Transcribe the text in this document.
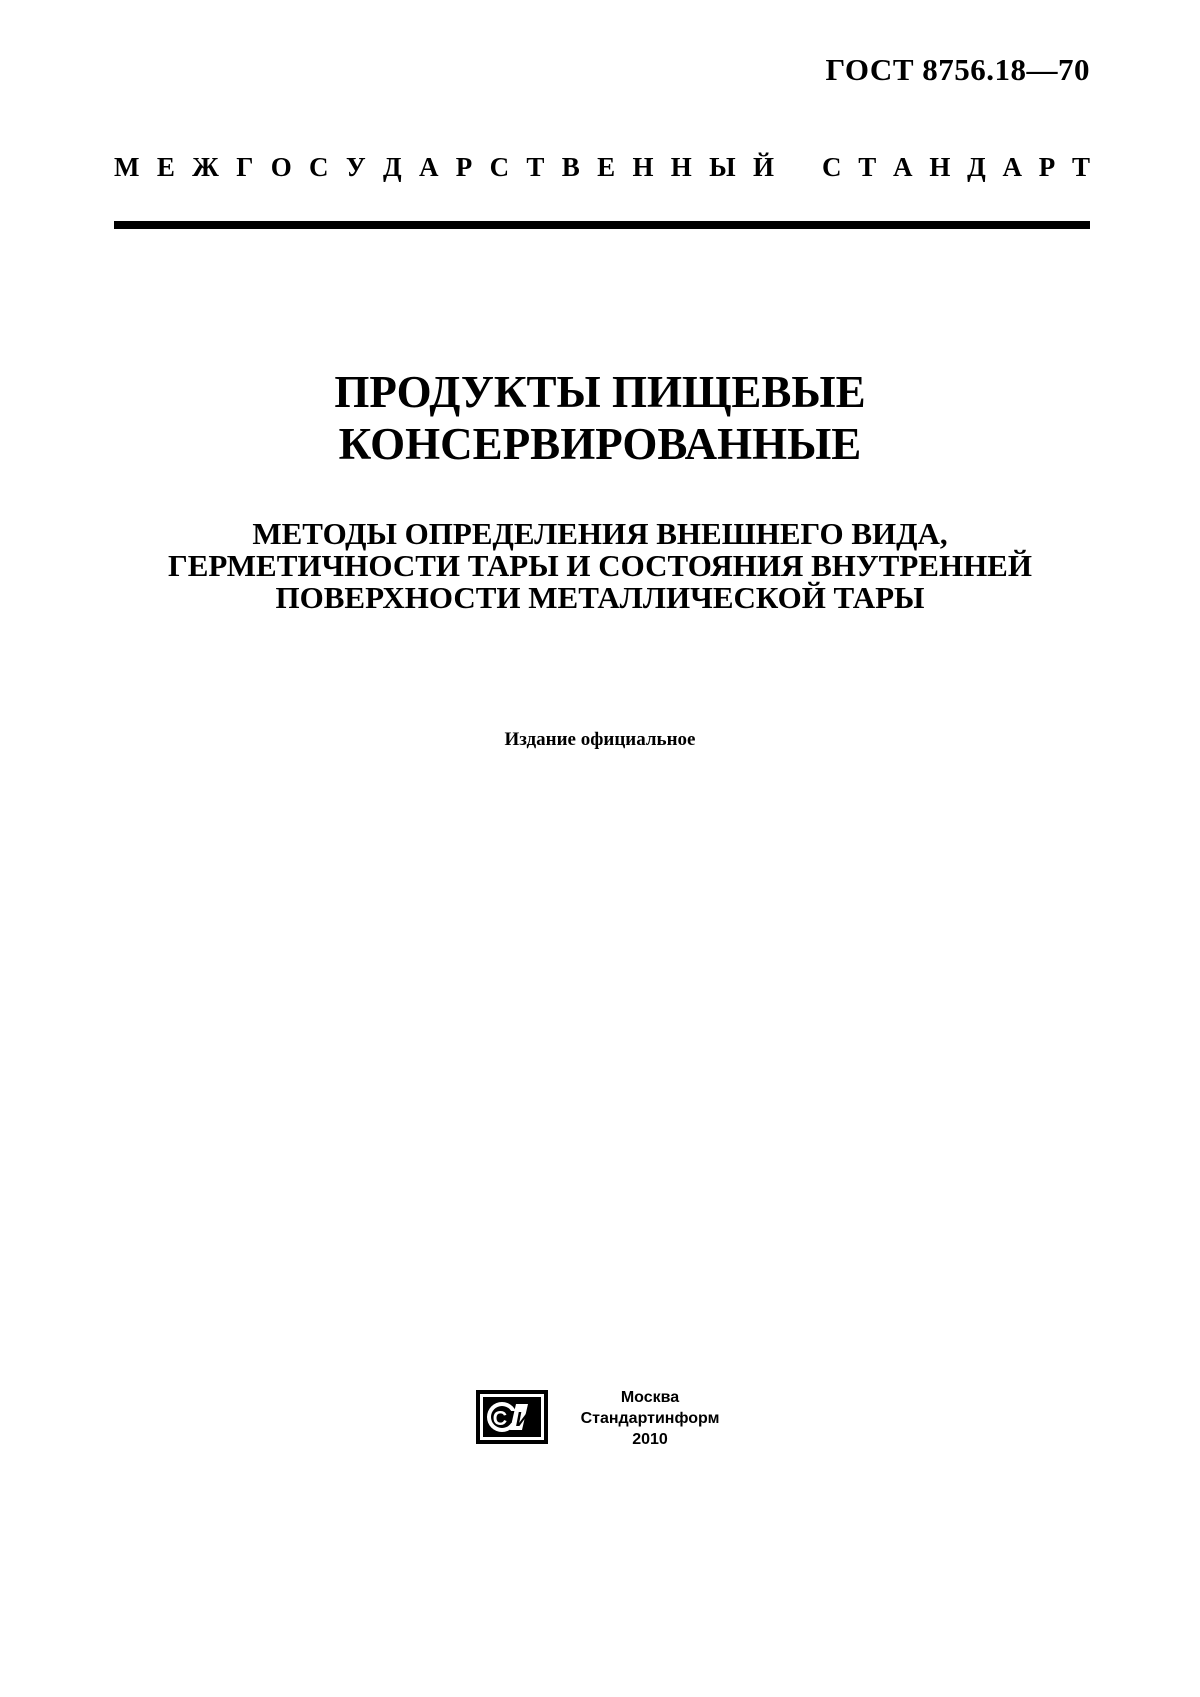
ГОСТ 8756.18—70
М Е Ж Г О С У Д А Р С Т В Е Н Н Ы Й С Т А Н Д А Р Т
ПРОДУКТЫ ПИЩЕВЫЕ
КОНСЕРВИРОВАННЫЕ
МЕТОДЫ ОПРЕДЕЛЕНИЯ ВНЕШНЕГО ВИДА,
ГЕРМЕТИЧНОСТИ ТАРЫ И СОСТОЯНИЯ ВНУТРЕННЕЙ
ПОВЕРХНОСТИ МЕТАЛЛИЧЕСКОЙ ТАРЫ
Издание официальное
С И
Москва
Стандартинформ
2010
